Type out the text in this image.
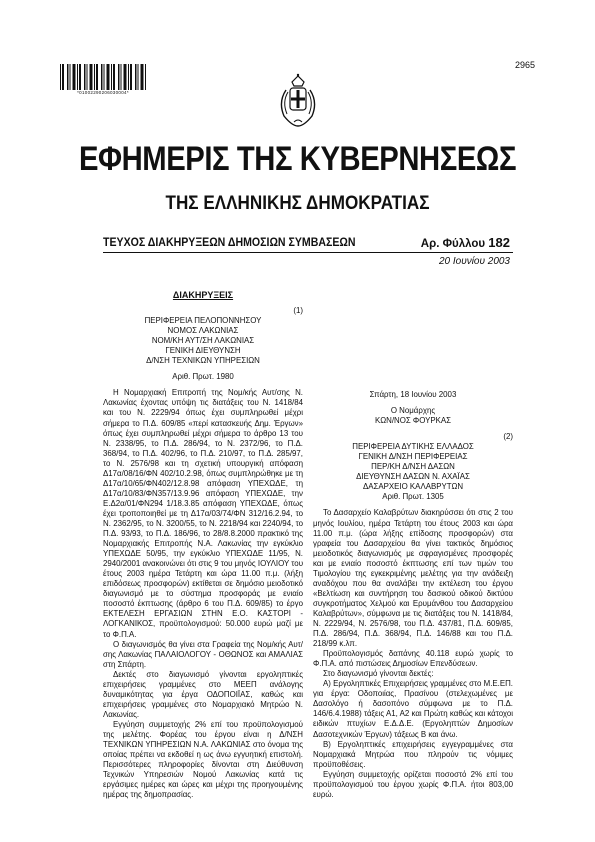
*01002290206030004*
2965
ΕΦΗΜΕΡΙΣ ΤΗΣ ΚΥΒΕΡΝΗΣΕΩΣ
ΤΗΣ ΕΛΛΗΝΙΚΗΣ ΔΗΜΟΚΡΑΤΙΑΣ
ΤΕΥΧΟΣ ΔΙΑΚΗΡΥΞΕΩΝ ΔΗΜΟΣΙΩΝ ΣΥΜΒΑΣΕΩΝ	Αρ. Φύλλου 182
20 Ιουνίου 2003

ΔΙΑΚΗΡΥΞΕΙΣ

(1)

ΠΕΡΙΦΕΡΕΙΑ ΠΕΛΟΠΟΝΝΗΣΟΥ

ΝΟΜΟΣ ΛΑΚΩΝΙΑΣ

ΝΟΜ/ΚΗ ΑΥΤ/ΣΗ ΛΑΚΩΝΙΑΣ

ΓΕΝΙΚΗ ΔΙΕΥΘΥΝΣΗ

Δ/ΝΣΗ ΤΕΧΝΙΚΩΝ ΥΠΗΡΕΣΙΩΝ

Αριθ. Πρωτ. 1980

Η Νομαρχιακή Επιτροπή της Νομ/κής Αυτ/σης Ν. Λακωνίας έχοντας υπόψη τις διατάξεις του Ν. 1418/84 και του Ν. 2229/94 όπως έχει συμπληρωθεί μέχρι σήμερα το Π.Δ. 609/85 «περί κατασκευής Δημ. Έργων» όπως έχει συμπληρωθεί μέχρι σήμερα το άρθρο 13 του Ν. 2338/95, το Π.Δ. 286/94, το Ν. 2372/96, το Π.Δ. 368/94, το Π.Δ. 402/96, το Π.Δ. 210/97, το Π.Δ. 285/97, το Ν. 2576/98 και τη σχετική υπουργική απόφαση Δ17α/08/16/ΦΝ 402/10.2.98, όπως συμπληρώθηκε με τη Δ17α/10/65/ΦΝ402/12.8.98 απόφαση ΥΠΕΧΩΔΕ, τη Δ17α/10/83/ΦΝ357/13.9.96 απόφαση ΥΠΕΧΩΔΕ, την Ε.Δ2α/01/ΦΝ294 1/18.3.85 απόφαση ΥΠΕΧΩΔΕ, όπως έχει τροποποιηθεί με τη Δ17α/03/74/ΦΝ 312/16.2.94, το Ν. 2362/95, το Ν. 3200/55, το Ν. 2218/94 και 2240/94, το Π.Δ. 93/93, το Π.Δ. 186/96, το 28/8.8.2000 πρακτικό της Νομαρχιακής Επιτροπής Ν.Α. Λακωνίας την εγκύκλιο ΥΠΕΧΩΔΕ 50/95, την εγκύκλιο ΥΠΕΧΩΔΕ 11/95, Ν. 2940/2001 ανακοινώνει ότι στις 9 του μηνός ΙΟΥΛΙΟΥ του έτους 2003 ημέρα Τετάρτη και ώρα 11.00 π.μ. (λήξη επιδόσεως προσφορών) εκτίθεται σε δημόσιο μειοδοτικό διαγωνισμό με το σύστημα προσφοράς με ενιαίο ποσοστό έκπτωσης (άρθρο 6 του Π.Δ. 609/85) το έργο ΕΚΤΕΛΕΣΗ ΕΡΓΑΣΙΩΝ ΣΤΗΝ Ε.Ο. ΚΑΣΤΟΡΙ - ΛΟΓΚΑΝΙΚΟΣ, προϋπολογισμού: 50.000 ευρώ μαζί με το Φ.Π.Α.

Ο διαγωνισμός θα γίνει στα Γραφεία της Νομ/κής Αυτ/σης Λακωνίας ΠΑΛΑΙΟΛΟΓΟΥ - ΟΘΩΝΟΣ και ΑΜΑΛΙΑΣ στη Σπάρτη.

Δεκτές στο διαγωνισμό γίνονται εργοληπτικές επιχειρήσεις γραμμένες στο ΜΕΕΠ ανάλογης δυναμικότητας για έργα ΟΔΟΠΟΙΪΑΣ, καθώς και επιχειρήσεις γραμμένες στο Νομαρχιακό Μητρώο Ν. Λακωνίας.

Εγγύηση συμμετοχής 2% επί του προϋπολογισμού της μελέτης. Φορέας του έργου είναι η Δ/ΝΣΗ ΤΕΧΝΙΚΩΝ ΥΠΗΡΕΣΙΩΝ Ν.Α. ΛΑΚΩΝΙΑΣ στο όνομα της οποίας πρέπει να εκδοθεί η ως άνω εγγυητική επιστολή. Περισσότερες πληροφορίες δίνονται στη Διεύθυνση Τεχνικών Υπηρεσιών Νομού Λακωνίας κατά τις εργάσιμες ημέρες και ώρες και μέχρι της προηγουμένης ημέρας της δημοπρασίας.

Σπάρτη, 18 Ιουνίου 2003

Ο Νομάρχης

ΚΩΝ/ΝΟΣ ΦΟΥΡΚΑΣ

(2)

ΠΕΡΙΦΕΡΕΙΑ ΔΥΤΙΚΗΣ ΕΛΛΑΔΟΣ

ΓΕΝΙΚΗ Δ/ΝΣΗ ΠΕΡΙΦΕΡΕΙΑΣ

ΠΕΡ/ΚΗ Δ/ΝΣΗ ΔΑΣΩΝ

ΔΙΕΥΘΥΝΣΗ ΔΑΣΩΝ Ν. ΑΧΑΪΑΣ

ΔΑΣΑΡΧΕΙΟ ΚΑΛΑΒΡΥΤΩΝ

Αριθ. Πρωτ. 1305

Το Δασαρχείο Καλαβρύτων διακηρύσσει ότι στις 2 του μηνός Ιουλίου, ημέρα Τετάρτη του έτους 2003 και ώρα 11.00 π.μ. (ώρα λήξης επίδοσης προσφορών) στα γραφεία του Δασαρχείου θα γίνει τακτικός δημόσιος μειοδοτικός διαγωνισμός με σφραγισμένες προσφορές και με ενιαίο ποσοστό έκπτωσης επί των τιμών του Τιμολογίου της εγκεκριμένης μελέτης για την ανάδειξη αναδόχου που θα αναλάβει την εκτέλεση του έργου «Βελτίωση και συντήρηση του δασικού οδικού δικτύου συγκροτήματος Χελμού και Ερυμάνθου του Δασαρχείου Καλαβρύτων», σύμφωνα με τις διατάξεις του Ν. 1418/84, Ν. 2229/94, Ν. 2576/98, του Π.Δ. 437/81, Π.Δ. 609/85, Π.Δ. 286/94, Π.Δ. 368/94, Π.Δ. 146/88 και του Π.Δ. 218/99 κ.λπ.

Προϋπολογισμός δαπάνης 40.118 ευρώ χωρίς το Φ.Π.Α. από πιστώσεις Δημοσίων Επενδύσεων.

Στο διαγωνισμό γίνονται δεκτές:

Α) Εργοληπτικές Επιχειρήσεις γραμμένες στο Μ.Ε.ΕΠ. για έργα: Οδοποιίας, Πρασίνου (στελεχωμένες με Δασολόγο ή δασοπόνο σύμφωνα με το Π.Δ. 146/6.4.1988) τάξεις Α1, Α2 και Πρώτη καθώς και κάτοχοι ειδικών πτυχίων Ε.Δ.Δ.Ε. (Εργοληπτών Δημοσίων Δασοτεχνικών Έργων) τάξεως Β και άνω.

Β) Εργοληπτικές επιχειρήσεις εγγεγραμμένες στα Νομαρχιακά Μητρώα που πληρούν τις νόμιμες προϋποθέσεις.

Εγγύηση συμμετοχής ορίζεται ποσοστό 2% επί του προϋπολογισμού του έργου χωρίς Φ.Π.Α. ήτοι 803,00 ευρώ.
